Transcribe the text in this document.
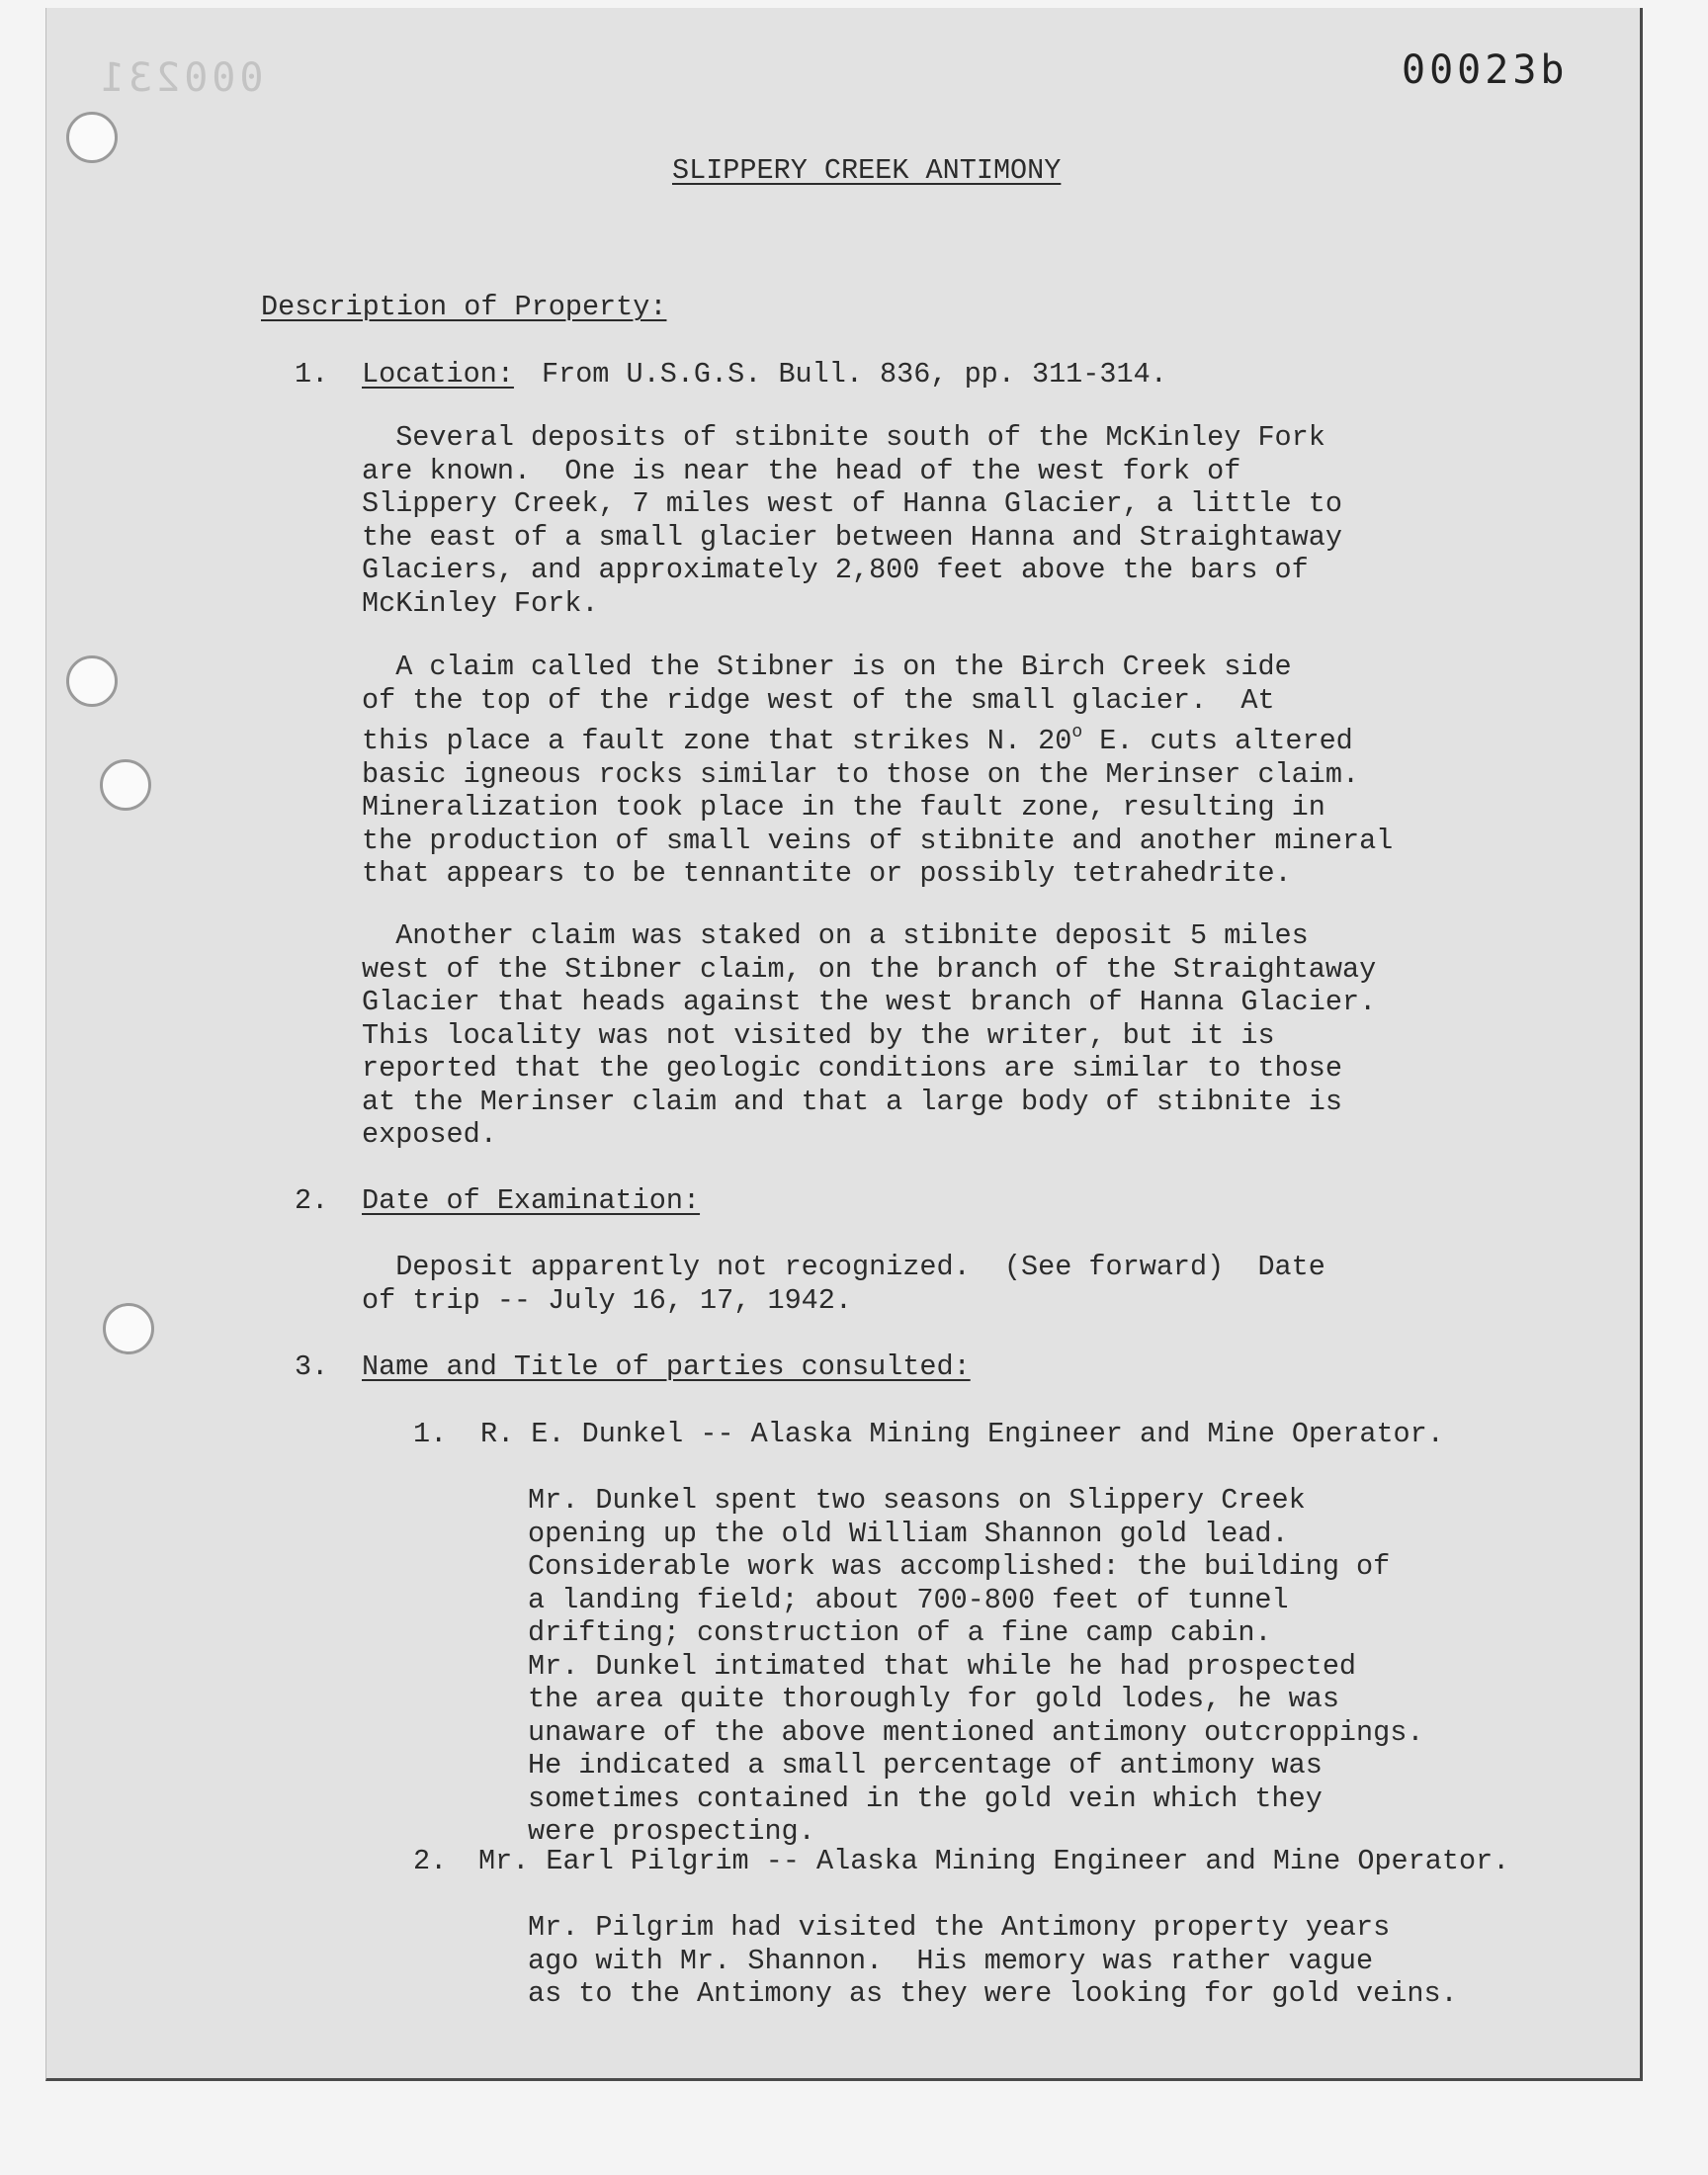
000231	00023b

SLIPPERY CREEK ANTIMONY

Description of Property:

1. Location: From U.S.G.S. Bull. 836, pp. 311-314.

Several deposits of stibnite south of the McKinley Fork
are known.  One is near the head of the west fork of
Slippery Creek, 7 miles west of Hanna Glacier, a little to
the east of a small glacier between Hanna and Straightaway
Glaciers, and approximately 2,800 feet above the bars of
McKinley Fork.

A claim called the Stibner is on the Birch Creek side
of the top of the ridge west of the small glacier.  At
this place a fault zone that strikes N. 20$^o$ E. cuts altered
basic igneous rocks similar to those on the Merinser claim.
Mineralization took place in the fault zone, resulting in
the production of small veins of stibnite and another mineral
that appears to be tennantite or possibly tetrahedrite.

Another claim was staked on a stibnite deposit 5 miles
west of the Stibner claim, on the branch of the Straightaway
Glacier that heads against the west branch of Hanna Glacier.
This locality was not visited by the writer, but it is
reported that the geologic conditions are similar to those
at the Merinser claim and that a large body of stibnite is
exposed.

2. Date of Examination:

Deposit apparently not recognized.  (See forward)  Date
of trip -- July 16, 17, 1942.

3. Name and Title of parties consulted:

1. R. E. Dunkel -- Alaska Mining Engineer and Mine Operator.

Mr. Dunkel spent two seasons on Slippery Creek
opening up the old William Shannon gold lead.
Considerable work was accomplished: the building of
a landing field; about 700-800 feet of tunnel
drifting; construction of a fine camp cabin.
Mr. Dunkel intimated that while he had prospected
the area quite thoroughly for gold lodes, he was
unaware of the above mentioned antimony outcroppings.
He indicated a small percentage of antimony was
sometimes contained in the gold vein which they
were prospecting.

2. Mr. Earl Pilgrim -- Alaska Mining Engineer and Mine Operator.

Mr. Pilgrim had visited the Antimony property years
ago with Mr. Shannon.  His memory was rather vague
as to the Antimony as they were looking for gold veins.
